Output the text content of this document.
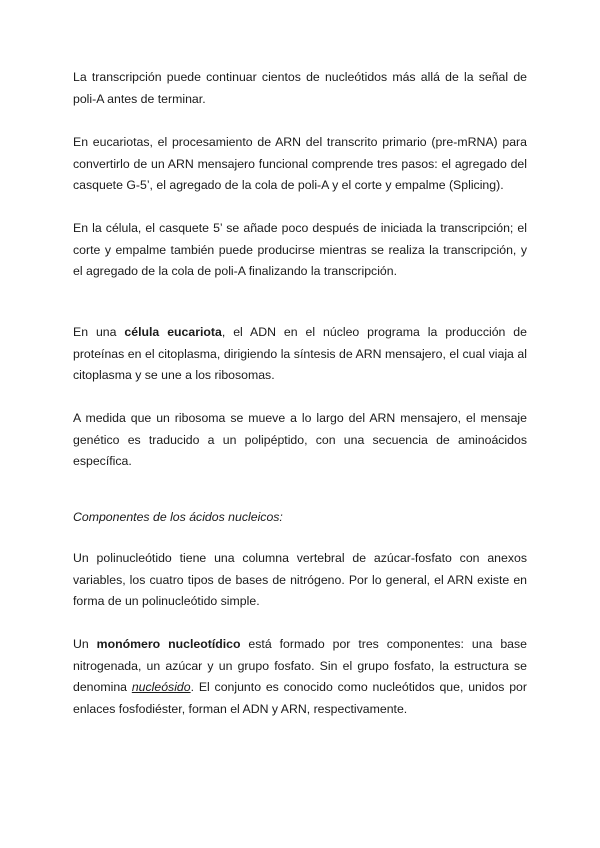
La transcripción puede continuar cientos de nucleótidos más allá de la señal de poli-A antes de terminar.

En eucariotas, el procesamiento de ARN del transcrito primario (pre-mRNA) para convertirlo de un ARN mensajero funcional comprende tres pasos: el agregado del casquete G-5’, el agregado de la cola de poli-A y el corte y empalme (Splicing).

En la célula, el casquete 5’ se añade poco después de iniciada la transcripción; el corte y empalme también puede producirse mientras se realiza la transcripción, y el agregado de la cola de poli-A finalizando la transcripción.

En una célula eucariota, el ADN en el núcleo programa la producción de proteínas en el citoplasma, dirigiendo la síntesis de ARN mensajero, el cual viaja al citoplasma y se une a los ribosomas.

A medida que un ribosoma se mueve a lo largo del ARN mensajero, el mensaje genético es traducido a un polipéptido, con una secuencia de aminoácidos específica.

Componentes de los ácidos nucleicos:

Un polinucleótido tiene una columna vertebral de azúcar-fosfato con anexos variables, los cuatro tipos de bases de nitrógeno. Por lo general, el ARN existe en forma de un polinucleótido simple.

Un monómero nucleotídico está formado por tres componentes: una base nitrogenada, un azúcar y un grupo fosfato. Sin el grupo fosfato, la estructura se denomina nucleósido. El conjunto es conocido como nucleótidos que, unidos por enlaces fosfodiéster, forman el ADN y ARN, respectivamente.
